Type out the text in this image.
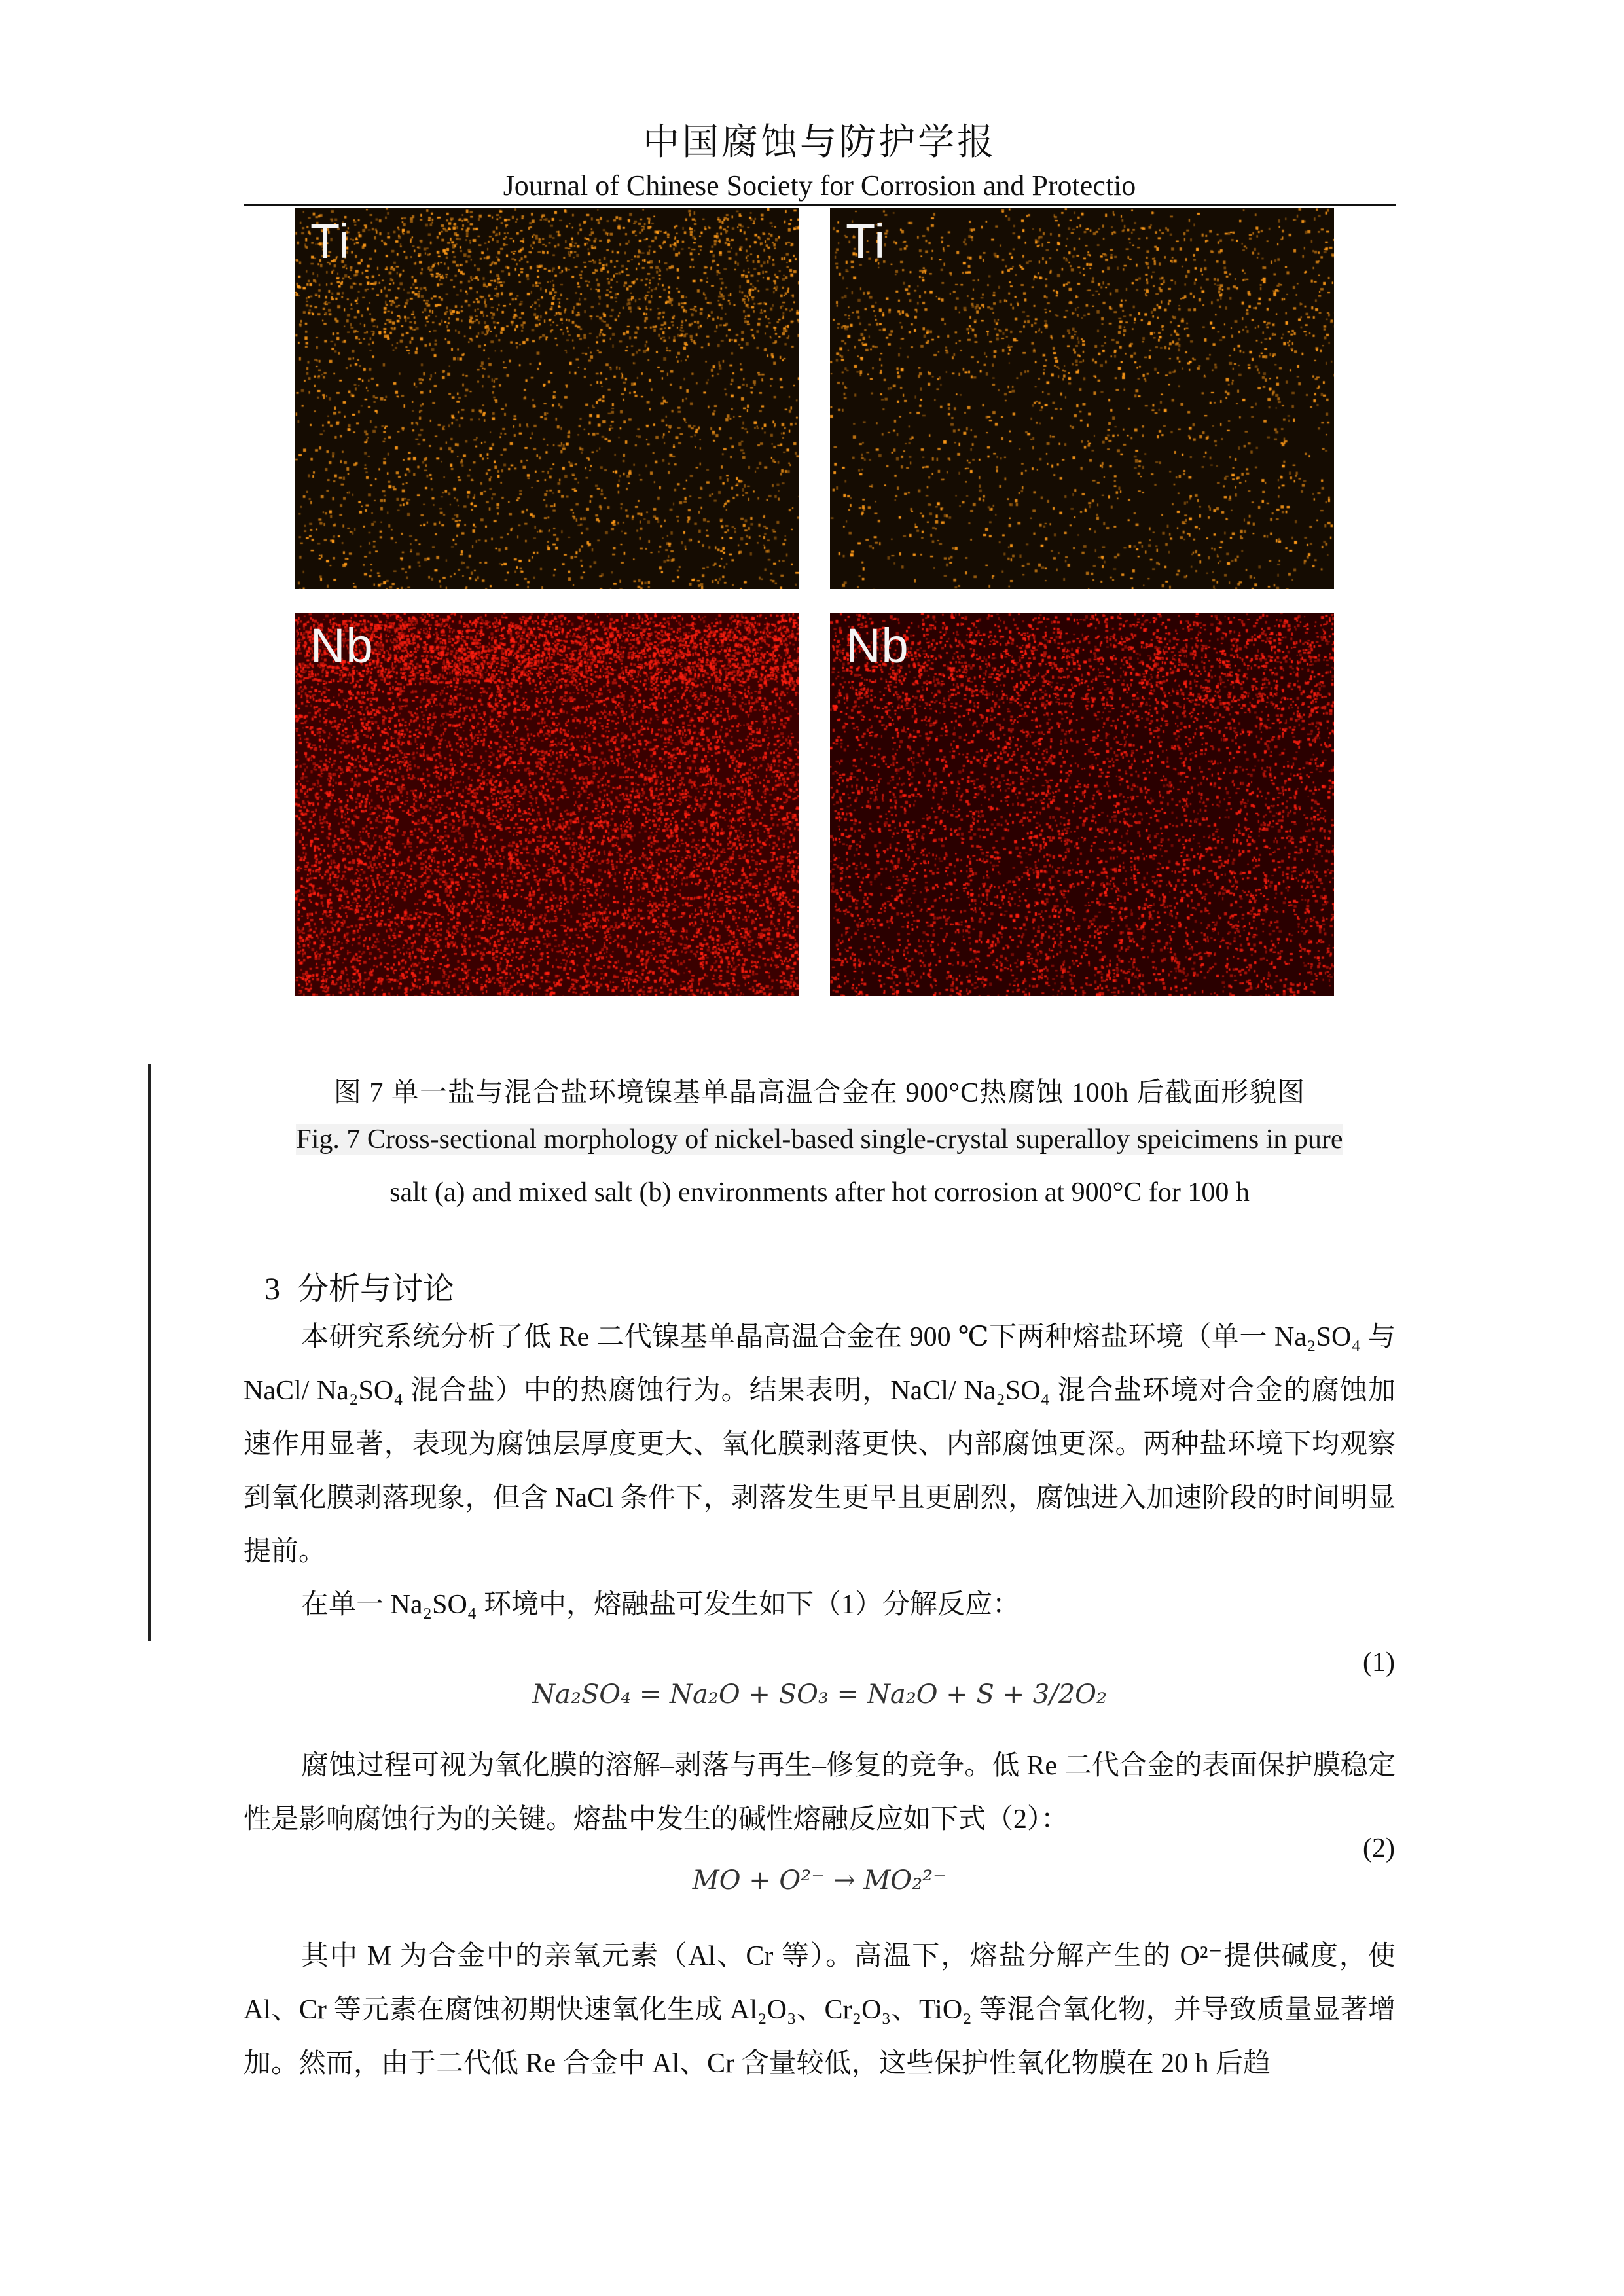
中国腐蚀与防护学报
Journal of Chinese Society for Corrosion and Protectio
Ti	Ti
Nb	Nb
图 7 单一盐与混合盐环境镍基单晶高温合金在 900°C热腐蚀 100h 后截面形貌图
Fig. 7 Cross-sectional morphology of nickel-based single-crystal superalloy speicimens in pure
salt (a) and mixed salt (b) environments after hot corrosion at 900°C for 100 h
3 分析与讨论
本研究系统分析了低 Re 二代镍基单晶高温合金在 900 ℃下两种熔盐环境（单一 Na₂SO₄ 与 NaCl/ Na₂SO₄ 混合盐）中的热腐蚀行为。结果表明，NaCl/ Na₂SO₄ 混合盐环境对合金的腐蚀加速作用显著，表现为腐蚀层厚度更大、氧化膜剥落更快、内部腐蚀更深。两种盐环境下均观察到氧化膜剥落现象，但含 NaCl 条件下，剥落发生更早且更剧烈，腐蚀进入加速阶段的时间明显提前。
在单一 Na₂SO₄ 环境中，熔融盐可发生如下（1）分解反应：
(1)
Na₂SO₄ = Na₂O + SO₃ = Na₂O + S + 3/2O₂
腐蚀过程可视为氧化膜的溶解–剥落与再生–修复的竞争。低 Re 二代合金的表面保护膜稳定性是影响腐蚀行为的关键。熔盐中发生的碱性熔融反应如下式（2）：
(2)
MO + O²⁻ → MO₂²⁻
其中 M 为合金中的亲氧元素（Al、Cr 等）。高温下，熔盐分解产生的 O²⁻提供碱度，使 Al、Cr 等元素在腐蚀初期快速氧化生成 Al₂O₃、Cr₂O₃、TiO₂ 等混合氧化物，并导致质量显著增加。然而，由于二代低 Re 合金中 Al、Cr 含量较低，这些保护性氧化物膜在 20 h 后趋
